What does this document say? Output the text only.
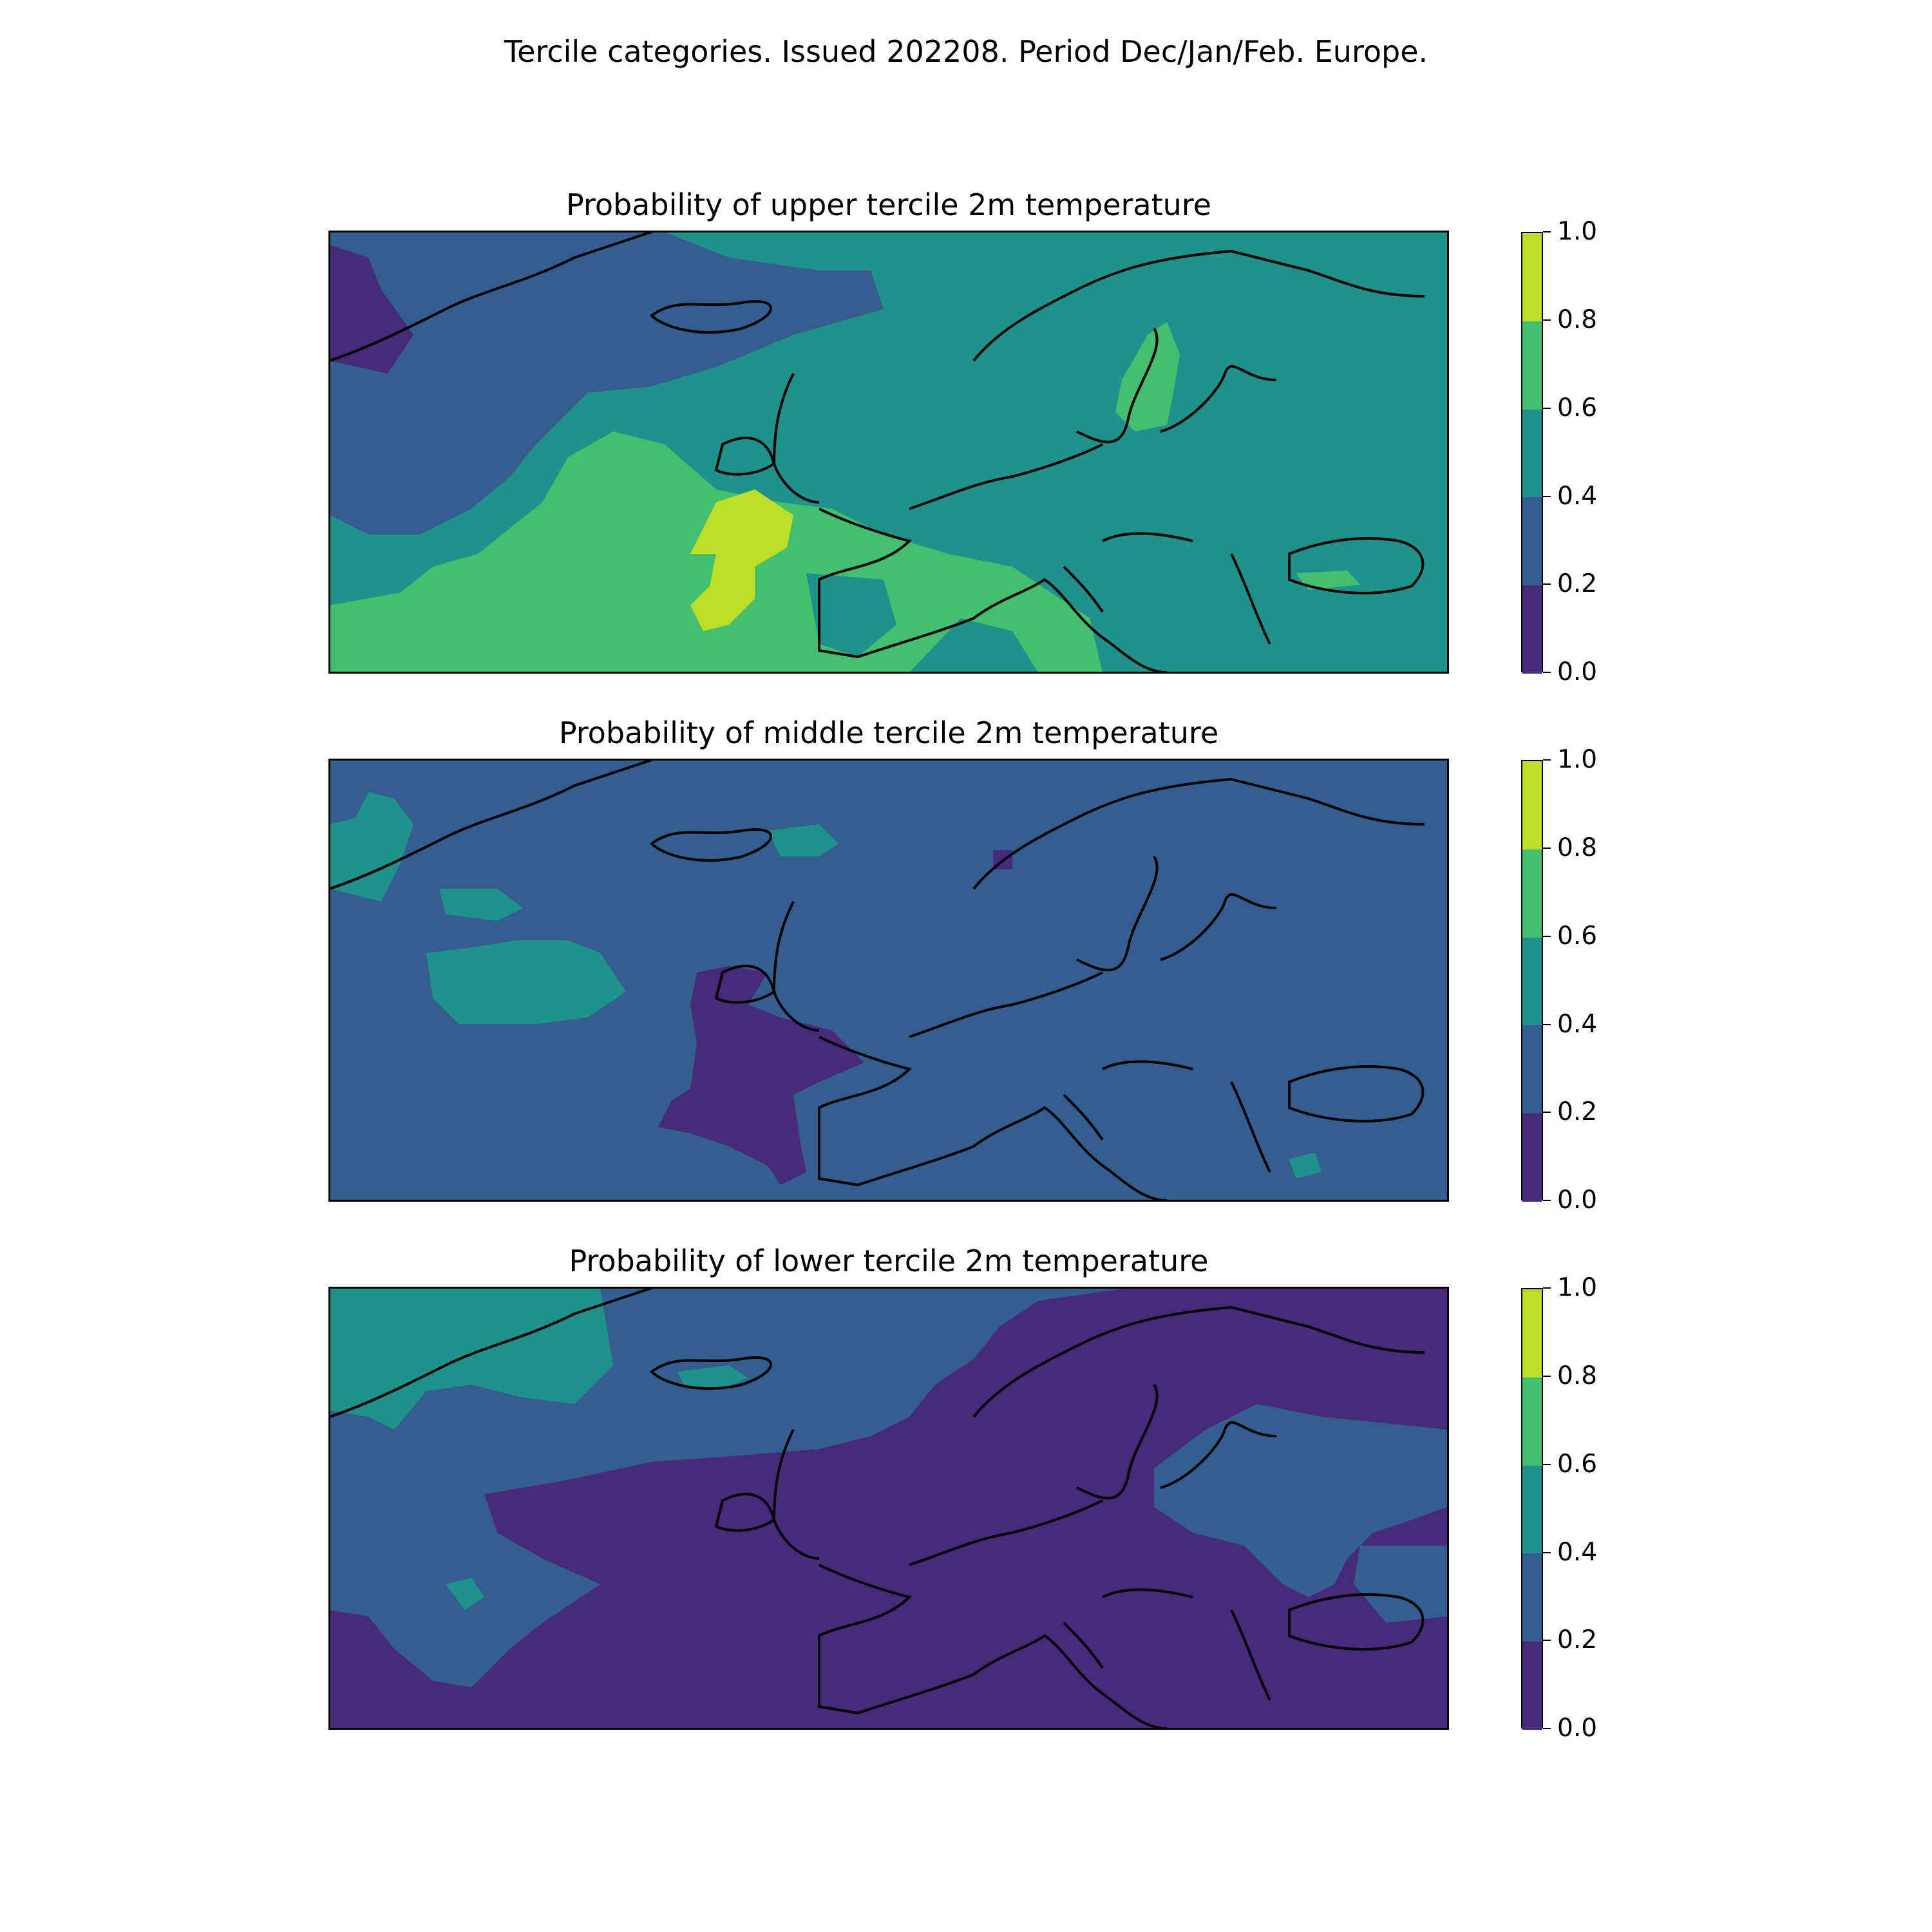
Tercile categories. Issued 202208. Period Dec/Jan/Feb. Europe.
Probability of upper tercile 2m temperature
0.0
0.2
0.4
0.6
0.8
1.0
Probability of middle tercile 2m temperature
0.0
0.2
0.4
0.6
0.8
1.0
Probability of lower tercile 2m temperature
0.0
0.2
0.4
0.6
0.8
1.0
